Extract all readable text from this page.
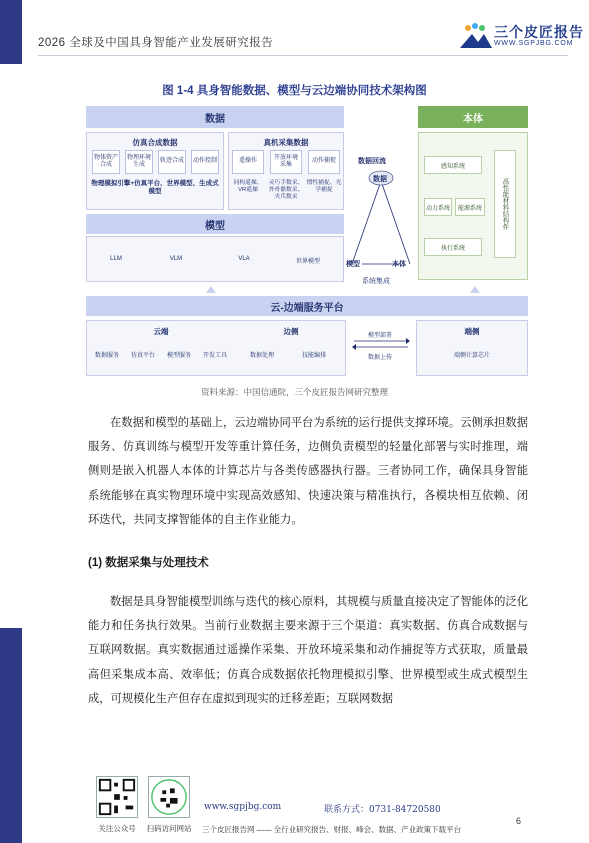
2026 全球及中国具身智能产业发展研究报告
三个皮匠报告
WWW.SGPJBG.COM
图 1-4 具身智能数据、模型与云边端协同技术架构图
数据
仿真合成数据
物体资产合成
物理环境生成
轨迹合成	动作控制
物理模拟引擎+仿真平台、世界模型、生成式模型
真机采集数据
遥操作
开放环境采集
动作捕捉
同构遥操、VR遥操
灵巧手数采、外骨骼数采、夹爪数采
惯性捕捉、光学捕捉
模型
LLM	VLM	VLA	世界模型
数据回流
数据
模型	本体
系统集成
本体
感知系统
动力系统	能源系统
执行系统
高性能材料结构件
云-边端服务平台
云端	边侧
数据服务	仿真平台	模型服务	开发工具	数据处理	技能编排
模型部署
数据上传
端侧
端侧计算芯片
资料来源：中国信通院，三个皮匠报告网研究整理
在数据和模型的基础上，云边端协同平台为系统的运行提供支撑环境。云侧承担数据服务、仿真训练与模型开发等重计算任务，边侧负责模型的轻量化部署与实时推理，端侧则是嵌入机器人本体的计算芯片与各类传感器执行器。三者协同工作，确保具身智能系统能够在真实物理环境中实现高效感知、快速决策与精准执行，各模块相互依赖、闭环迭代，共同支撑智能体的自主作业能力。
(1) 数据采集与处理技术
数据是具身智能模型训练与迭代的核心原料，其规模与质量直接决定了智能体的泛化能力和任务执行效果。当前行业数据主要来源于三个渠道：真实数据、仿真合成数据与互联网数据。真实数据通过遥操作采集、开放环境采集和动作捕捉等方式获取，质量最高但采集成本高、效率低；仿真合成数据依托物理模拟引擎、世界模型或生成式模型生成，可规模化生产但存在虚拟到现实的迁移差距；互联网数据
关注公众号	扫码访问网站
www.sgpjbg.com	联系方式：0731-84720580
三个皮匠报告网 —— 全行业研究报告、财报、峰会、数据、产业政策下载平台
6
